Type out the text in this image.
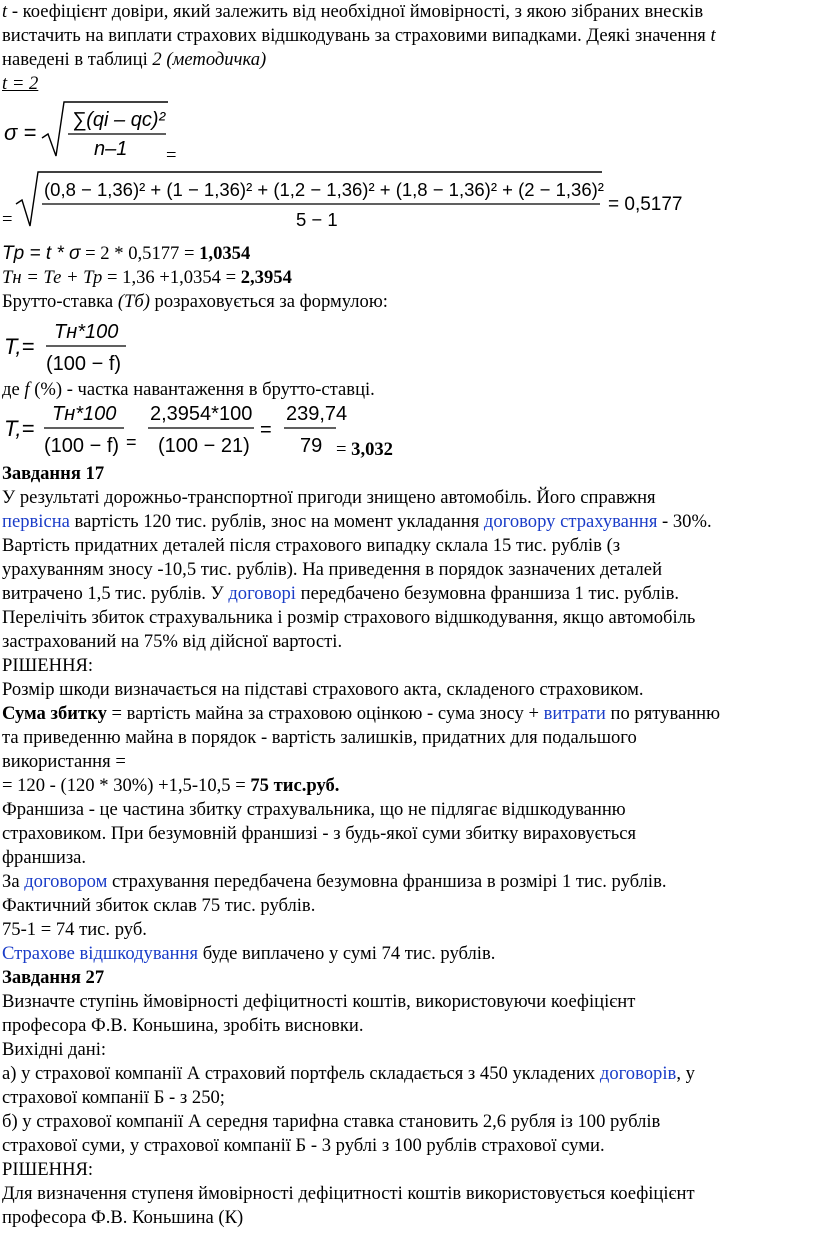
t - коефіцієнт довіри, який залежить від необхідної ймовірності, з якою зібраних внесків
вистачить на виплати страхових відшкодувань за страховими випадками. Деякі значення t
наведені в таблиці 2 (методичка)
t = 2
σ = ∑(qi – qc)²
n–1 =
=
(0,8 − 1,36)² + (1 − 1,36)² + (1,2 − 1,36)² + (1,8 − 1,36)² + (2 − 1,36)²
5 − 1
= 0,5177
Tp = t * σ = 2 * 0,5177 = 1,0354
Тн = Те + Тр = 1,36 +1,0354 = 2,3954
Брутто-ставка (Тб) розраховується за формулою:
T,=
Тн*100
(100 − f)
де f (%) - частка навантаження в брутто-ставці.
T,=
Тн*100
(100 − f) =
2,3954*100
(100 − 21)
=
239,74
79 = 3,032
Завдання 17
У результаті дорожньо-транспортної пригоди знищено автомобіль. Його справжня
первісна вартість 120 тис. рублів, знос на момент укладання договору страхування - 30%.
Вартість придатних деталей після страхового випадку склала 15 тис. рублів (з
урахуванням зносу -10,5 тис. рублів). На приведення в порядок зазначених деталей
витрачено 1,5 тис. рублів. У договорі передбачено безумовна франшиза 1 тис. рублів.
Перелічіть збиток страхувальника і розмір страхового відшкодування, якщо автомобіль
застрахований на 75% від дійсної вартості.
РІШЕННЯ:
Розмір шкоди визначається на підставі страхового акта, складеного страховиком.
Сума збитку = вартість майна за страховою оцінкою - сума зносу + витрати по рятуванню
та приведенню майна в порядок - вартість залишків, придатних для подальшого
використання =
= 120 - (120 * 30%) +1,5-10,5 = 75 тис.руб.
Франшиза - це частина збитку страхувальника, що не підлягає відшкодуванню
страховиком. При безумовній франшизі - з будь-якої суми збитку вираховується
франшиза.
За договором страхування передбачена безумовна франшиза в розмірі 1 тис. рублів.
Фактичний збиток склав 75 тис. рублів.
75-1 = 74 тис. руб.
Страхове відшкодування буде виплачено у сумі 74 тис. рублів.
Завдання 27
Визначте ступінь ймовірності дефіцитності коштів, використовуючи коефіцієнт
професора Ф.В. Коньшина, зробіть висновки.
Вихідні дані:
а) у страхової компанії А страховий портфель складається з 450 укладених договорів, у
страхової компанії Б - з 250;
б) у страхової компанії А середня тарифна ставка становить 2,6 рубля із 100 рублів
страхової суми, у страхової компанії Б - 3 рублі з 100 рублів страхової суми.
РІШЕННЯ:
Для визначення ступеня ймовірності дефіцитності коштів використовується коефіцієнт
професора Ф.В. Коньшина (К)
